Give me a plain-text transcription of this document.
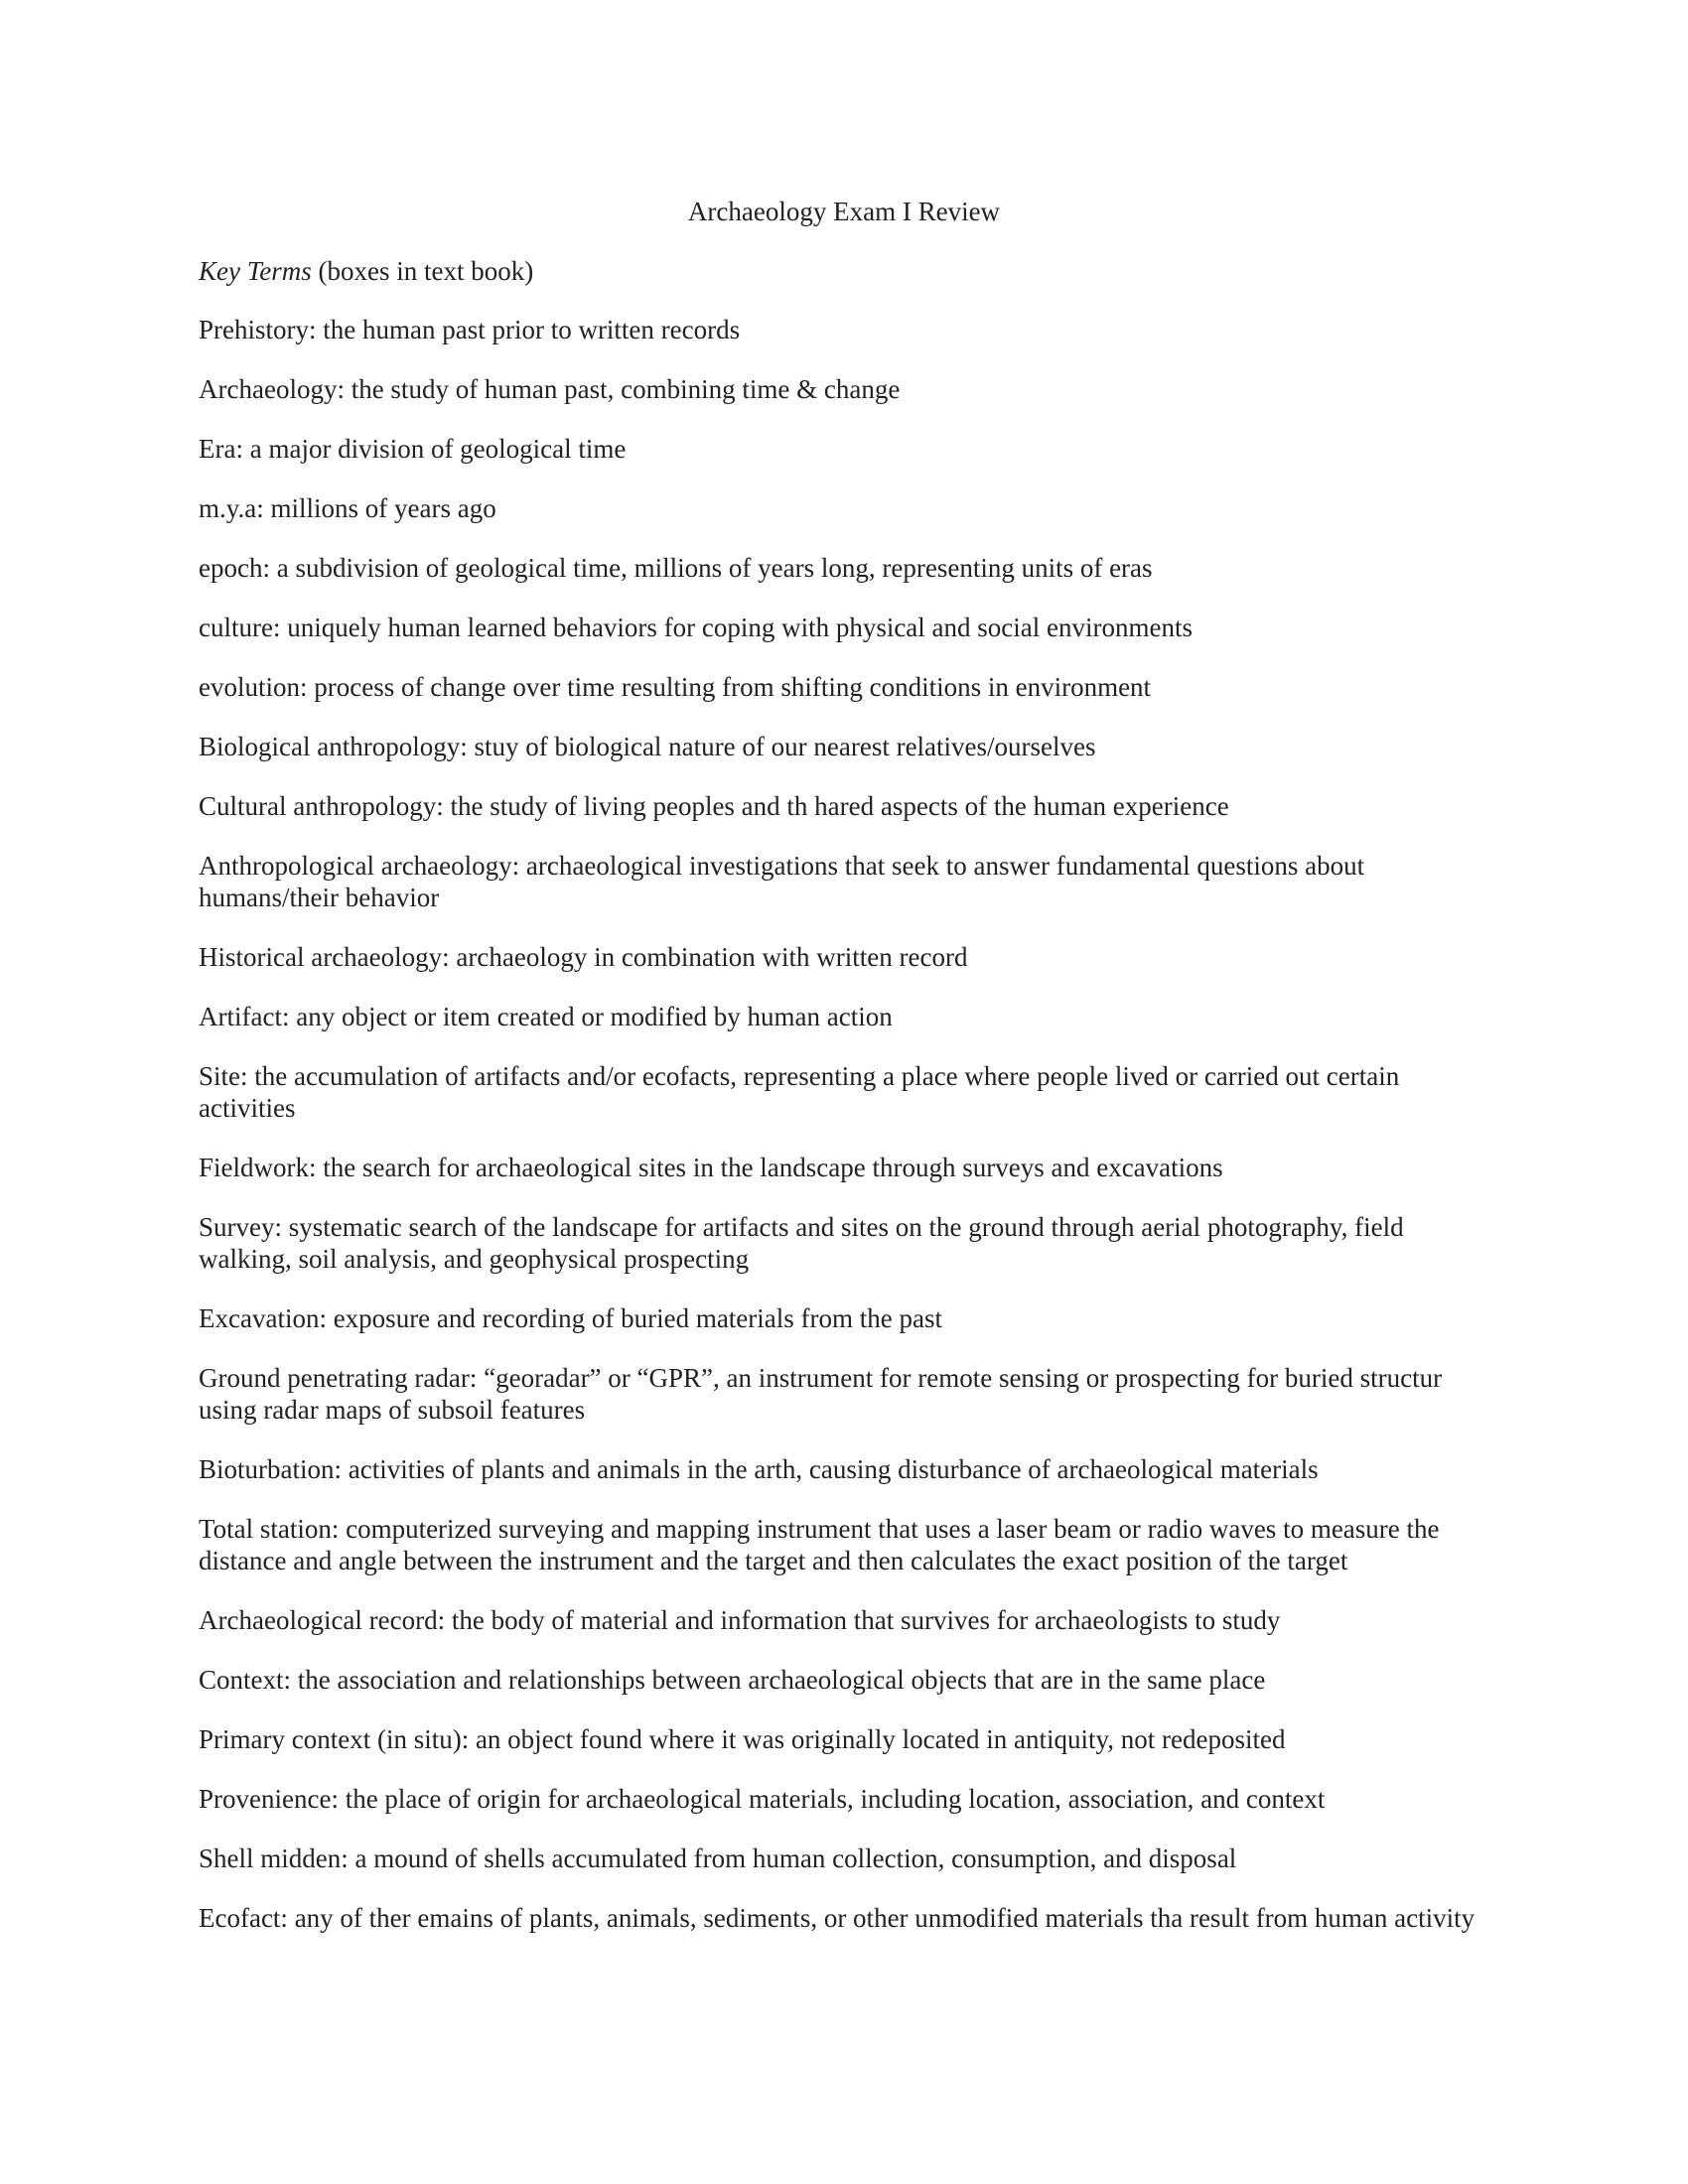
Archaeology Exam I Review
Key Terms (boxes in text book)
Prehistory: the human past prior to written records
Archaeology: the study of human past, combining time & change
Era: a major division of geological time
m.y.a: millions of years ago
epoch: a subdivision of geological time, millions of years long, representing units of eras
culture: uniquely human learned behaviors for coping with physical and social environments
evolution: process of change over time resulting from shifting conditions in environment
Biological anthropology: stuy of biological nature of our nearest relatives/ourselves
Cultural anthropology: the study of living peoples and th hared aspects of the human experience
Anthropological archaeology: archaeological investigations that seek to answer fundamental questions about humans/their behavior
Historical archaeology: archaeology in combination with written record
Artifact: any object or item created or modified by human action
Site: the accumulation of artifacts and/or ecofacts, representing a place where people lived or carried out certain activities
Fieldwork: the search for archaeological sites in the landscape through surveys and excavations
Survey: systematic search of the landscape for artifacts and sites on the ground through aerial photography, field walking, soil analysis, and geophysical prospecting
Excavation: exposure and recording of buried materials from the past
Ground penetrating radar: “georadar” or “GPR”, an instrument for remote sensing or prospecting for buried structur using radar maps of subsoil features
Bioturbation: activities of plants and animals in the arth, causing disturbance of archaeological materials
Total station: computerized surveying and mapping instrument that uses a laser beam or radio waves to measure the distance and angle between the instrument and the target and then calculates the exact position of the target
Archaeological record: the body of material and information that survives for archaeologists to study
Context: the association and relationships between archaeological objects that are in the same place
Primary context (in situ): an object found where it was originally located in antiquity, not redeposited
Provenience: the place of origin for archaeological materials, including location, association, and context
Shell midden: a mound of shells accumulated from human collection, consumption, and disposal
Ecofact: any of ther emains of plants, animals, sediments, or other unmodified materials tha result from human activity
